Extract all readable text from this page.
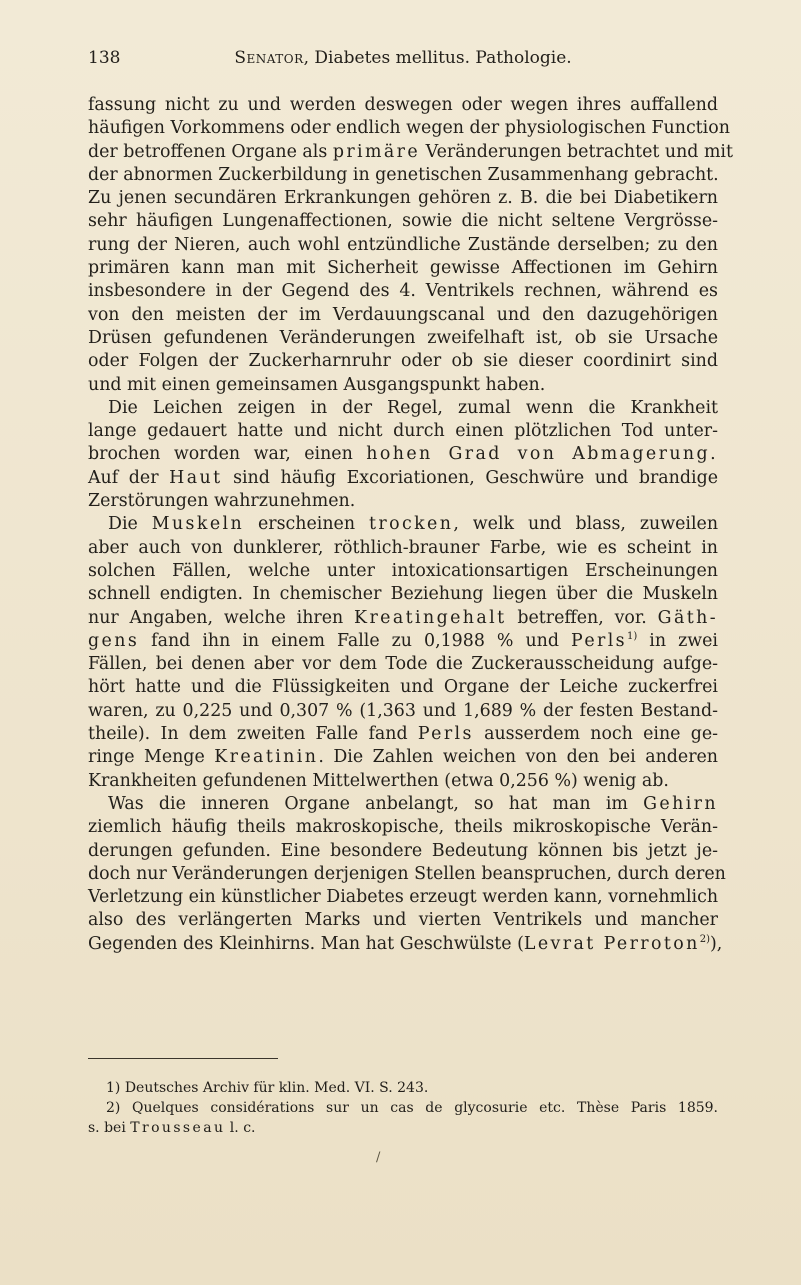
138	Senator, Diabetes mellitus. Pathologie.
fassung nicht zu und werden deswegen oder wegen ihres auffallend
häufigen Vorkommens oder endlich wegen der physiologischen Function
der betroffenen Organe als primäre Veränderungen betrachtet und mit
der abnormen Zuckerbildung in genetischen Zusammenhang gebracht.
Zu jenen secundären Erkrankungen gehören z. B. die bei Diabetikern
sehr häufigen Lungenaffectionen, sowie die nicht seltene Vergrösse-
rung der Nieren, auch wohl entzündliche Zustände derselben; zu den
primären kann man mit Sicherheit gewisse Affectionen im Gehirn
insbesondere in der Gegend des 4. Ventrikels rechnen, während es
von den meisten der im Verdauungscanal und den dazugehörigen
Drüsen gefundenen Veränderungen zweifelhaft ist, ob sie Ursache
oder Folgen der Zuckerharnruhr oder ob sie dieser coordinirt sind
und mit einen gemeinsamen Ausgangspunkt haben.
Die Leichen zeigen in der Regel, zumal wenn die Krankheit
lange gedauert hatte und nicht durch einen plötzlichen Tod unter-
brochen worden war, einen hohen Grad von Abmagerung.
Auf der Haut sind häufig Excoriationen, Geschwüre und brandige
Zerstörungen wahrzunehmen.
Die Muskeln erscheinen trocken, welk und blass, zuweilen
aber auch von dunklerer, röthlich-brauner Farbe, wie es scheint in
solchen Fällen, welche unter intoxicationsartigen Erscheinungen
schnell endigten. In chemischer Beziehung liegen über die Muskeln
nur Angaben, welche ihren Kreatingehalt betreffen, vor. Gäth-
gens fand ihn in einem Falle zu 0,1988 % und Perls$^{1)}$ in zwei
Fällen, bei denen aber vor dem Tode die Zuckerausscheidung aufge-
hört hatte und die Flüssigkeiten und Organe der Leiche zuckerfrei
waren, zu 0,225 und 0,307 % (1,363 und 1,689 % der festen Bestand-
theile). In dem zweiten Falle fand Perls ausserdem noch eine ge-
ringe Menge Kreatinin. Die Zahlen weichen von den bei anderen
Krankheiten gefundenen Mittelwerthen (etwa 0,256 %) wenig ab.
Was die inneren Organe anbelangt, so hat man im Gehirn
ziemlich häufig theils makroskopische, theils mikroskopische Verän-
derungen gefunden. Eine besondere Bedeutung können bis jetzt je-
doch nur Veränderungen derjenigen Stellen beanspruchen, durch deren
Verletzung ein künstlicher Diabetes erzeugt werden kann, vornehmlich
also des verlängerten Marks und vierten Ventrikels und mancher
Gegenden des Kleinhirns. Man hat Geschwülste (Levrat Perroton$^{2)}$),
1) Deutsches Archiv für klin. Med. VI. S. 243.
2) Quelques considérations sur un cas de glycosurie etc. Thèse Paris 1859.
s. bei Trousseau l. c.
/
